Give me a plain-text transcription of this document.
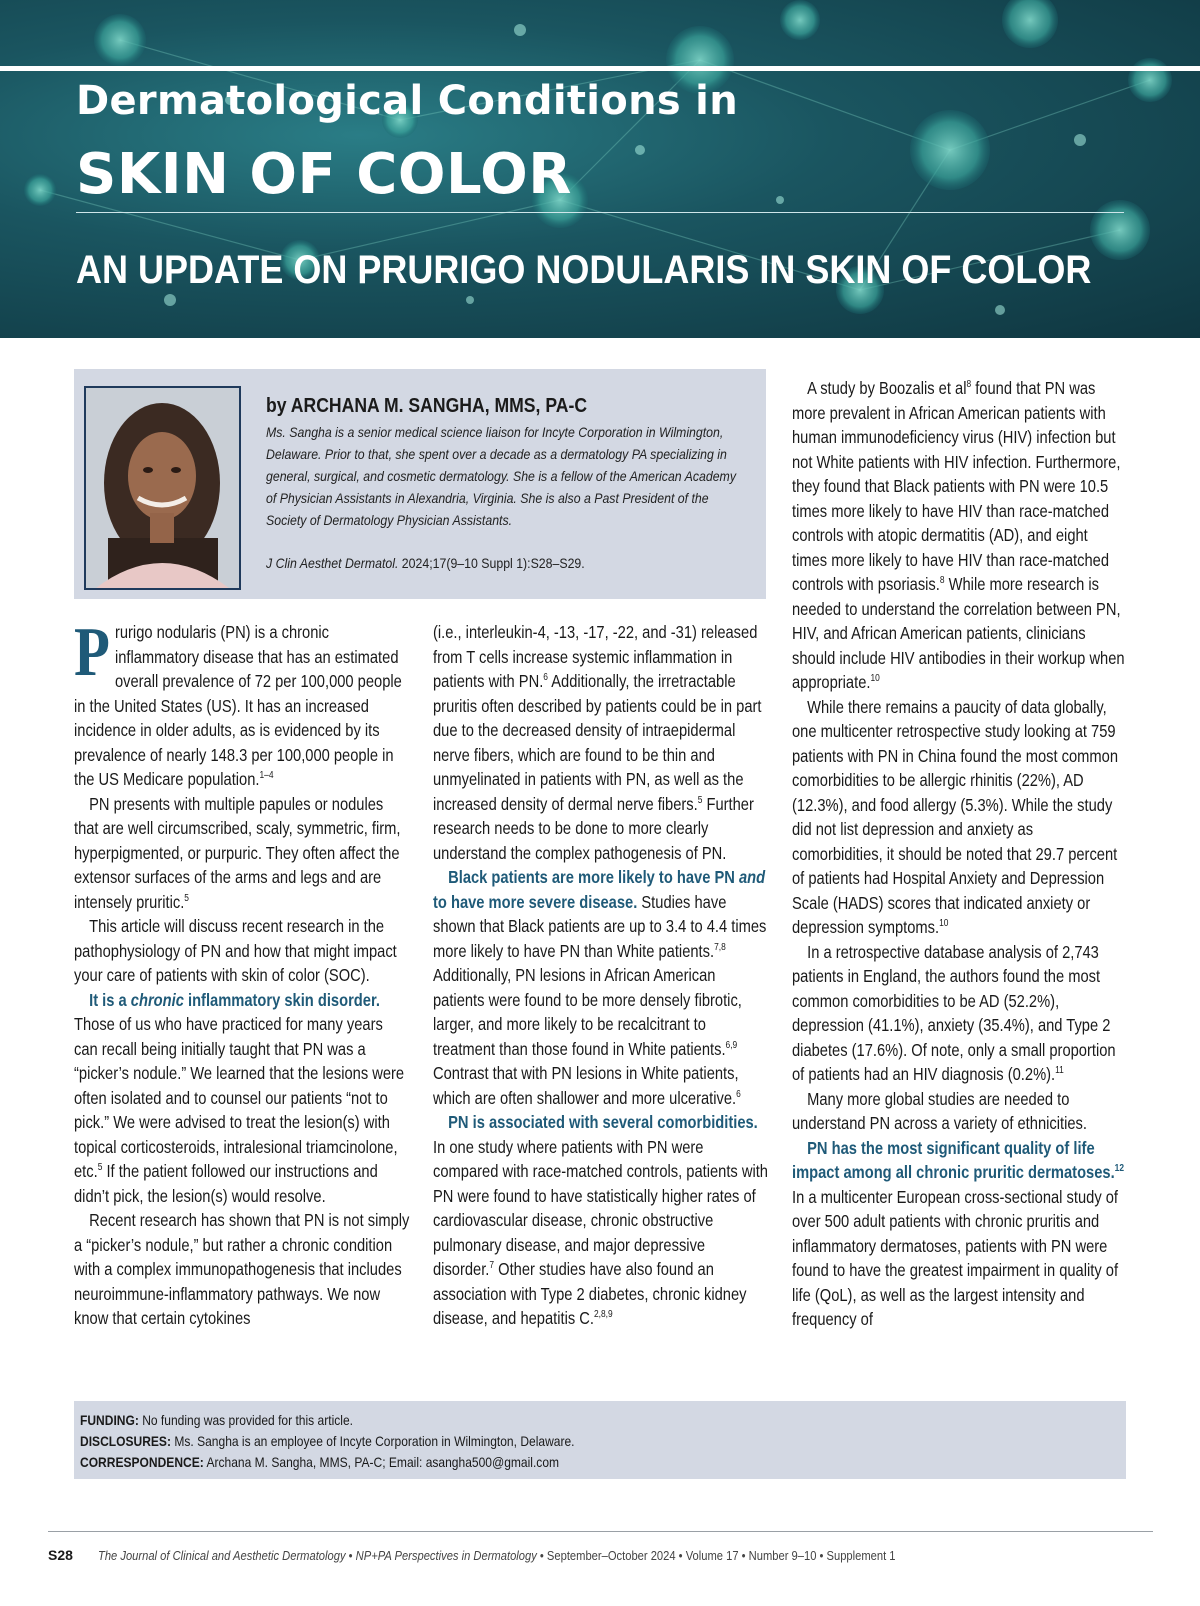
Dermatological Conditions in
SKIN OF COLOR
AN UPDATE ON PRURIGO NODULARIS IN SKIN OF COLOR
by ARCHANA M. SANGHA, MMS, PA-C
Ms. Sangha is a senior medical science liaison for Incyte Corporation in Wilmington, Delaware. Prior to that, she spent over a decade as a dermatology PA specializing in general, surgical, and cosmetic dermatology. She is a fellow of the American Academy of Physician Assistants in Alexandria, Virginia. She is also a Past President of the Society of Dermatology Physician Assistants.
J Clin Aesthet Dermatol. 2024;17(9–10 Suppl 1):S28–S29.

Prurigo nodularis (PN) is a chronic inflammatory disease that has an estimated overall prevalence of 72 per 100,000 people in the United States (US). It has an increased incidence in older adults, as is evidenced by its prevalence of nearly 148.3 per 100,000 people in the US Medicare population.$^{1-4}$

PN presents with multiple papules or nodules that are well circumscribed, scaly, symmetric, firm, hyperpigmented, or purpuric. They often affect the extensor surfaces of the arms and legs and are intensely pruritic.$^5$

This article will discuss recent research in the pathophysiology of PN and how that might impact your care of patients with skin of color (SOC).

It is a chronic inflammatory skin disorder. Those of us who have practiced for many years can recall being initially taught that PN was a “picker’s nodule.” We learned that the lesions were often isolated and to counsel our patients “not to pick.” We were advised to treat the lesion(s) with topical corticosteroids, intralesional triamcinolone, etc.$^5$ If the patient followed our instructions and didn’t pick, the lesion(s) would resolve.

Recent research has shown that PN is not simply a “picker’s nodule,” but rather a chronic condition with a complex immunopathogenesis that includes neuroimmune-inflammatory pathways. We now know that certain cytokines

(i.e., interleukin-4, -13, -17, -22, and -31) released from T cells increase systemic inflammation in patients with PN.$^6$ Additionally, the irretractable pruritis often described by patients could be in part due to the decreased density of intraepidermal nerve fibers, which are found to be thin and unmyelinated in patients with PN, as well as the increased density of dermal nerve fibers.$^5$ Further research needs to be done to more clearly understand the complex pathogenesis of PN.

Black patients are more likely to have PN and to have more severe disease. Studies have shown that Black patients are up to 3.4 to 4.4 times more likely to have PN than White patients.$^{7,8}$ Additionally, PN lesions in African American patients were found to be more densely fibrotic, larger, and more likely to be recalcitrant to treatment than those found in White patients.$^{6,9}$ Contrast that with PN lesions in White patients, which are often shallower and more ulcerative.$^6$

PN is associated with several comorbidities. In one study where patients with PN were compared with race-matched controls, patients with PN were found to have statistically higher rates of cardiovascular disease, chronic obstructive pulmonary disease, and major depressive disorder.$^7$ Other studies have also found an association with Type 2 diabetes, chronic kidney disease, and hepatitis C.$^{2,8,9}$

A study by Boozalis et $al^8$ found that PN was more prevalent in African American patients with human immunodeficiency virus (HIV) infection but not White patients with HIV infection. Furthermore, they found that Black patients with PN were 10.5 times more likely to have HIV than race-matched controls with atopic dermatitis (AD), and eight times more likely to have HIV than race-matched controls with psoriasis.$^8$ While more research is needed to understand the correlation between PN, HIV, and African American patients, clinicians should include HIV antibodies in their workup when appropriate.$^{10}$

While there remains a paucity of data globally, one multicenter retrospective study looking at 759 patients with PN in China found the most common comorbidities to be allergic rhinitis (22%), AD (12.3%), and food allergy (5.3%). While the study did not list depression and anxiety as comorbidities, it should be noted that 29.7 percent of patients had Hospital Anxiety and Depression Scale (HADS) scores that indicated anxiety or depression symptoms.$^{10}$

In a retrospective database analysis of 2,743 patients in England, the authors found the most common comorbidities to be AD (52.2%), depression (41.1%), anxiety (35.4%), and Type 2 diabetes (17.6%). Of note, only a small proportion of patients had an HIV diagnosis (0.2%).$^{11}$

Many more global studies are needed to understand PN across a variety of ethnicities.

PN has the most significant quality of life impact among all chronic pruritic dermatoses.$^{12}$ In a multicenter European cross-sectional study of over 500 adult patients with chronic pruritis and inflammatory dermatoses, patients with PN were found to have the greatest impairment in quality of life (QoL), as well as the largest intensity and frequency of

FUNDING: No funding was provided for this article.
DISCLOSURES: Ms. Sangha is an employee of Incyte Corporation in Wilmington, Delaware.
CORRESPONDENCE: Archana M. Sangha, MMS, PA-C; Email: asangha500@gmail.com
S28 The Journal of Clinical and Aesthetic Dermatology • NP+PA Perspectives in Dermatology • September–October 2024 • Volume 17 • Number 9–10 • Supplement 1
